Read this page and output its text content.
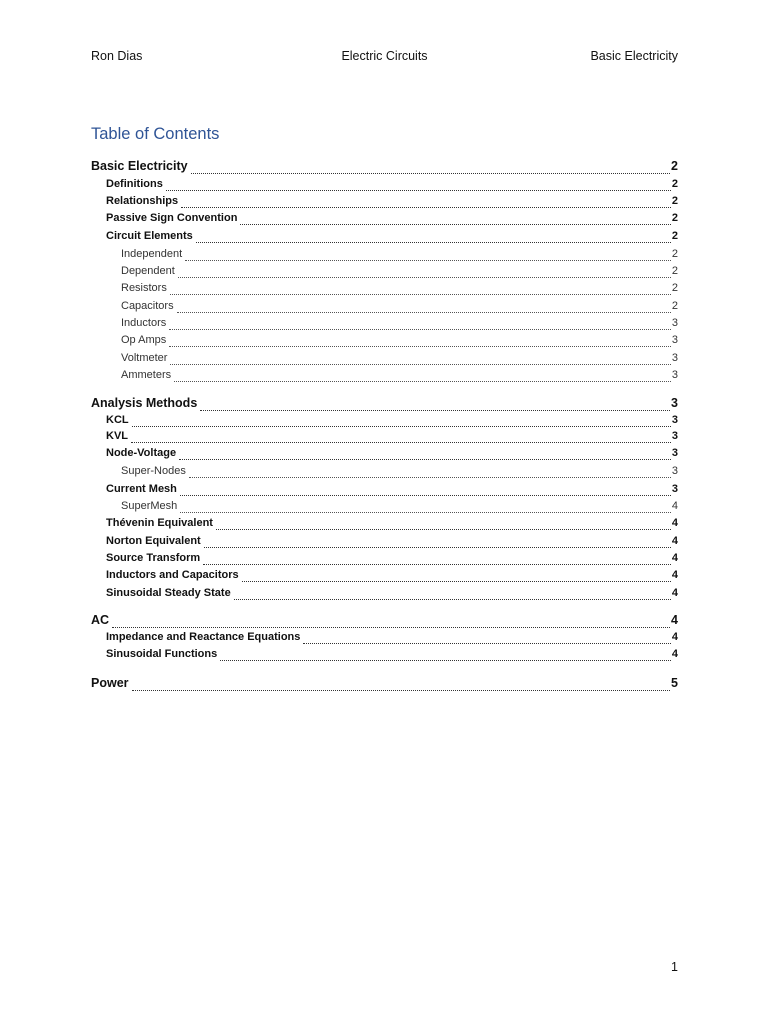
Ron Dias	Electric Circuits	Basic Electricity
Table of Contents
Basic Electricity	2
Definitions	2
Relationships	2
Passive Sign Convention	2
Circuit Elements	2
Independent	2
Dependent	2
Resistors	2
Capacitors	2
Inductors	3
Op Amps	3
Voltmeter	3
Ammeters	3
Analysis Methods	3
KCL	3
KVL	3
Node-Voltage	3
Super-Nodes	3
Current Mesh	3
SuperMesh	4
Thévenin Equivalent	4
Norton Equivalent	4
Source Transform	4
Inductors and Capacitors	4
Sinusoidal Steady State	4
AC	4
Impedance and Reactance Equations	4
Sinusoidal Functions	4
Power	5
1
